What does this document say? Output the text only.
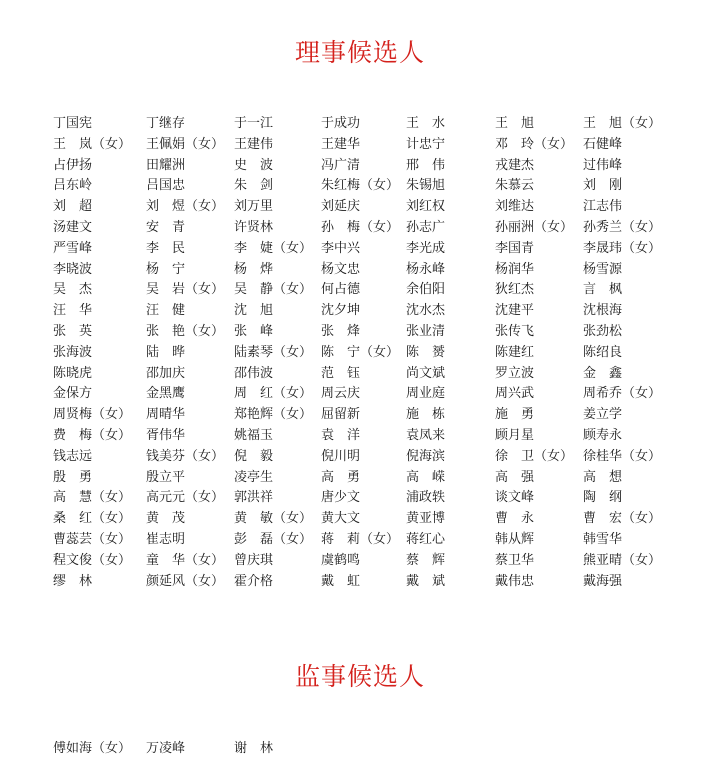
理事候选人
丁国宪	丁继存	于一江	于成功	王　水	王　旭	王　旭（女）
王　岚（女）	王佩娟（女） 王建伟	王建华	计忠宁	邓　玲（女） 石健峰
占伊扬	田耀洲	史　波	冯广清	邢　伟	戎建杰	过伟峰
吕东岭	吕国忠	朱　剑	朱红梅（女） 朱锡旭	朱慕云	刘　刚
刘　超	刘　煜（女） 刘万里	刘延庆	刘红权	刘维达	江志伟
汤建文	安　青	许贤林	孙　梅（女） 孙志广	孙丽洲（女） 孙秀兰（女）
严雪峰	李　民	李　婕（女） 李中兴	李光成	李国青	李晟玮（女）
李晓波	杨　宁	杨　烨	杨文忠	杨永峰	杨润华	杨雪源
吴　杰	吴　岩（女） 吴　静（女） 何占德	余伯阳	狄红杰	言　枫
汪　华	汪　健	沈　旭	沈夕坤	沈水杰	沈建平	沈根海
张　英	张　艳（女） 张　峰	张　烽	张业清	张传飞	张劲松
张海波	陆　晔	陆素琴（女） 陈　宁（女） 陈　赟	陈建红	陈绍良
陈晓虎	邵加庆	邵伟波	范　钰	尚文斌	罗立波	金　鑫
金保方	金黑鹰	周　红（女） 周云庆	周业庭	周兴武	周希乔（女）
周贤梅（女）	周晴华	郑艳辉（女） 屈留新	施　栋	施　勇	姜立学
费　梅（女）	胥伟华	姚福玉	袁　洋	袁凤来	顾月星	顾寿永
钱志远	钱美芬（女） 倪　毅	倪川明	倪海滨	徐　卫（女） 徐桂华（女）
殷　勇	殷立平	凌亭生	高　勇	高　嵘	高　强	高　想
高　慧（女）	高元元（女） 郭洪祥	唐少文	浦政轶	谈文峰	陶　纲
桑　红（女）	黄　茂	黄　敏（女） 黄大文	黄亚博	曹　永	曹　宏（女）
曹蕊芸（女）	崔志明	彭　磊（女） 蒋　莉（女） 蒋红心	韩从辉	韩雪华
程文俊（女）	童　华（女） 曾庆琪	虞鹤鸣	蔡　辉	蔡卫华	熊亚晴（女）
缪　林	颜延风（女） 霍介格	戴　虹	戴　斌	戴伟忠	戴海强
监事候选人
傅如海（女） 万凌峰	谢　林
